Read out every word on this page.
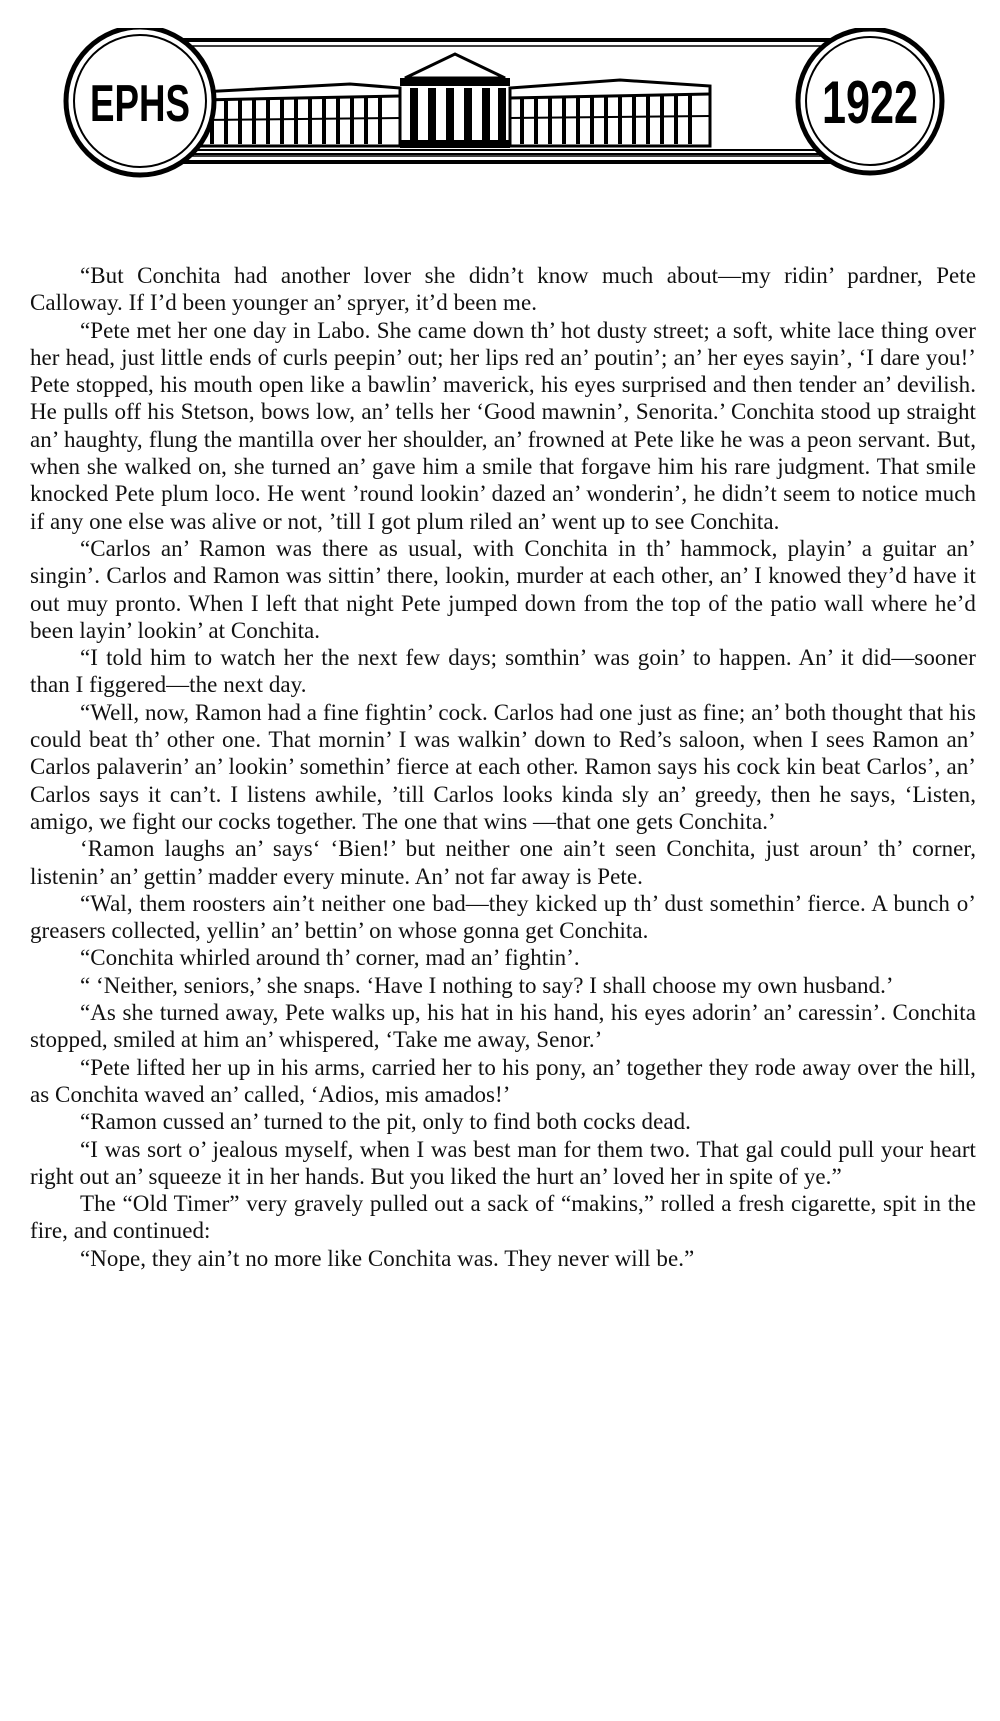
EPHS	1922

“But Conchita had another lover she didn’t know much about—my ridin’ pardner, Pete Calloway. If I’d been younger an’ spryer, it’d been me.

“Pete met her one day in Labo. She came down th’ hot dusty street; a soft, white lace thing over her head, just little ends of curls peepin’ out; her lips red an’ poutin’; an’ her eyes sayin’, ‘I dare you!’ Pete stopped, his mouth open like a bawlin’ maverick, his eyes surprised and then tender an’ devilish. He pulls off his Stetson, bows low, an’ tells her ‘Good mawnin’, Senorita.’ Conchita stood up straight an’ haughty, flung the mantilla over her shoulder, an’ frowned at Pete like he was a peon servant. But, when she walked on, she turned an’ gave him a smile that forgave him his rare judgment. That smile knocked Pete plum loco. He went ’round lookin’ dazed an’ wonderin’, he didn’t seem to notice much if any one else was alive or not, ’till I got plum riled an’ went up to see Conchita.

“Carlos an’ Ramon was there as usual, with Conchita in th’ hammock, playin’ a guitar an’ singin’. Carlos and Ramon was sittin’ there, lookin, murder at each other, an’ I knowed they’d have it out muy pronto. When I left that night Pete jumped down from the top of the patio wall where he’d been layin’ lookin’ at Conchita.

“I told him to watch her the next few days; somthin’ was goin’ to happen. An’ it did—sooner than I figgered—the next day.

“Well, now, Ramon had a fine fightin’ cock. Carlos had one just as fine; an’ both thought that his could beat th’ other one. That mornin’ I was walkin’ down to Red’s saloon, when I sees Ramon an’ Carlos palaverin’ an’ lookin’ somethin’ fierce at each other. Ramon says his cock kin beat Carlos’, an’ Carlos says it can’t. I listens awhile, ’till Carlos looks kinda sly an’ greedy, then he says, ‘Listen, amigo, we fight our cocks together. The one that wins —that one gets Conchita.’

‘Ramon laughs an’ says‘ ‘Bien!’ but neither one ain’t seen Conchita, just aroun’ th’ corner, listenin’ an’ gettin’ madder every minute. An’ not far away is Pete.

“Wal, them roosters ain’t neither one bad—they kicked up th’ dust somethin’ fierce. A bunch o’ greasers collected, yellin’ an’ bettin’ on whose gonna get Conchita.

“Conchita whirled around th’ corner, mad an’ fightin’.

“ ‘Neither, seniors,’ she snaps. ‘Have I nothing to say? I shall choose my own husband.’

“As she turned away, Pete walks up, his hat in his hand, his eyes adorin’ an’ caressin’. Conchita stopped, smiled at him an’ whispered, ‘Take me away, Senor.’

“Pete lifted her up in his arms, carried her to his pony, an’ together they rode away over the hill, as Conchita waved an’ called, ‘Adios, mis amados!’

“Ramon cussed an’ turned to the pit, only to find both cocks dead.

“I was sort o’ jealous myself, when I was best man for them two. That gal could pull your heart right out an’ squeeze it in her hands. But you liked the hurt an’ loved her in spite of ye.”

The “Old Timer” very gravely pulled out a sack of “makins,” rolled a fresh cigarette, spit in the fire, and continued:

“Nope, they ain’t no more like Conchita was. They never will be.”
